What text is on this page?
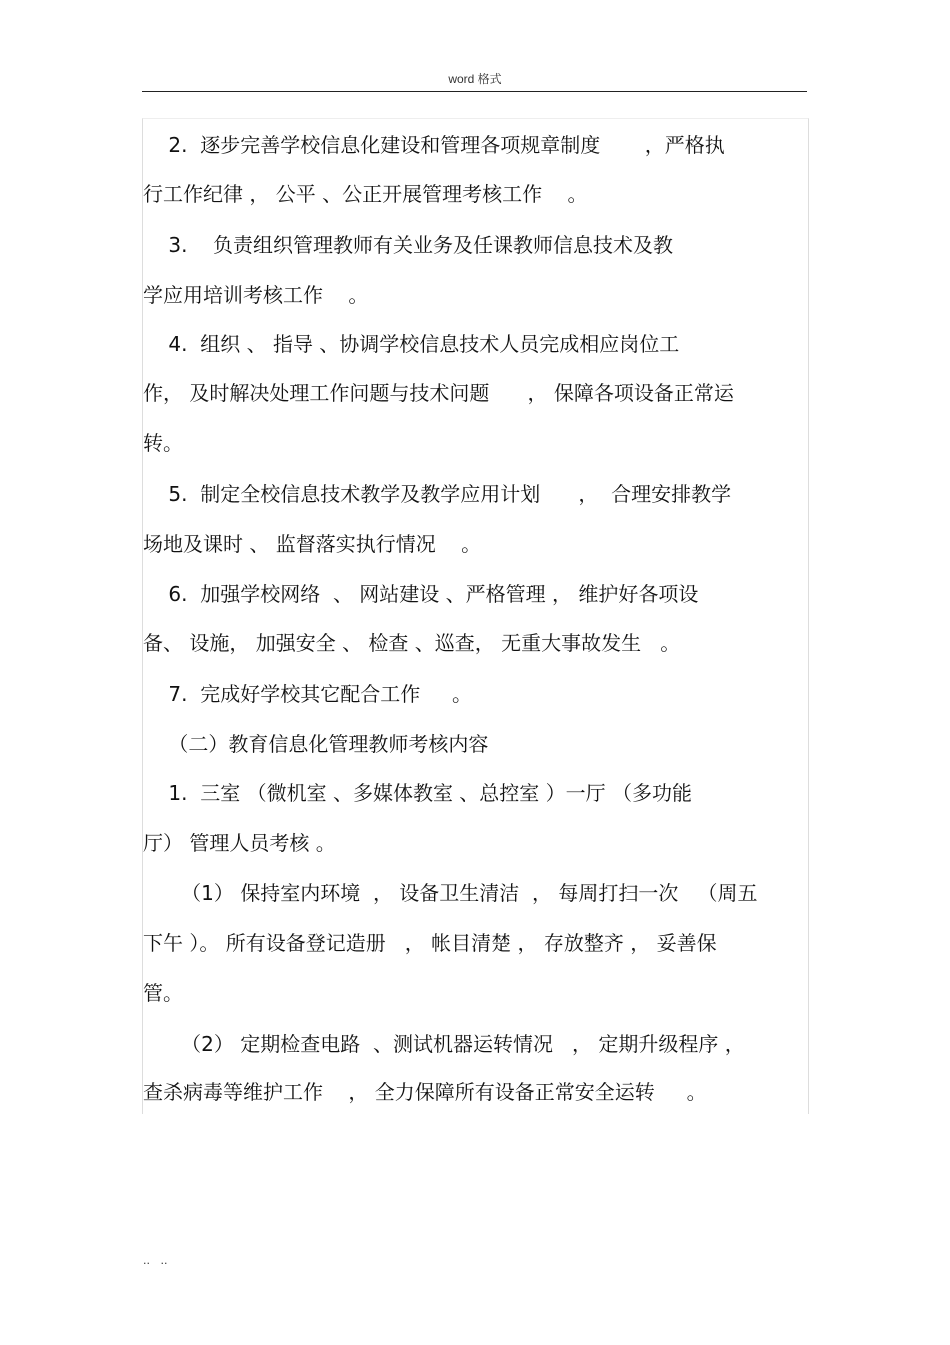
word 格式
2.  逐步完善学校信息化建设和管理各项规章制度       ，严格执
行工作纪律 ， 公平 、公正开展管理考核工作    。
3.    负责组织管理教师有关业务及任课教师信息技术及教
学应用培训考核工作    。
4.  组织 、 指导 、协调学校信息技术人员完成相应岗位工
作， 及时解决处理工作问题与技术问题      ， 保障各项设备正常运
转。
5.  制定全校信息技术教学及教学应用计划      ，  合理安排教学
场地及课时 、 监督落实执行情况    。
6.  加强学校网络  、 网站建设 、严格管理 ， 维护好各项设
备、 设施， 加强安全 、 检查 、巡查， 无重大事故发生   。
7.  完成好学校其它配合工作     。
（二）教育信息化管理教师考核内容
1.  三室 （微机室 、多媒体教室 、总控室 ）一厅 （多功能
厅） 管理人员考核 。
（1） 保持室内环境  ， 设备卫生清洁  ， 每周打扫一次   （周五
下午 ）。 所有设备登记造册   ， 帐目清楚 ， 存放整齐 ， 妥善保
管。
（2） 定期检查电路  、测试机器运转情况   ， 定期升级程序 ，
查杀病毒等维护工作    ， 全力保障所有设备正常安全运转     。
..   ..
